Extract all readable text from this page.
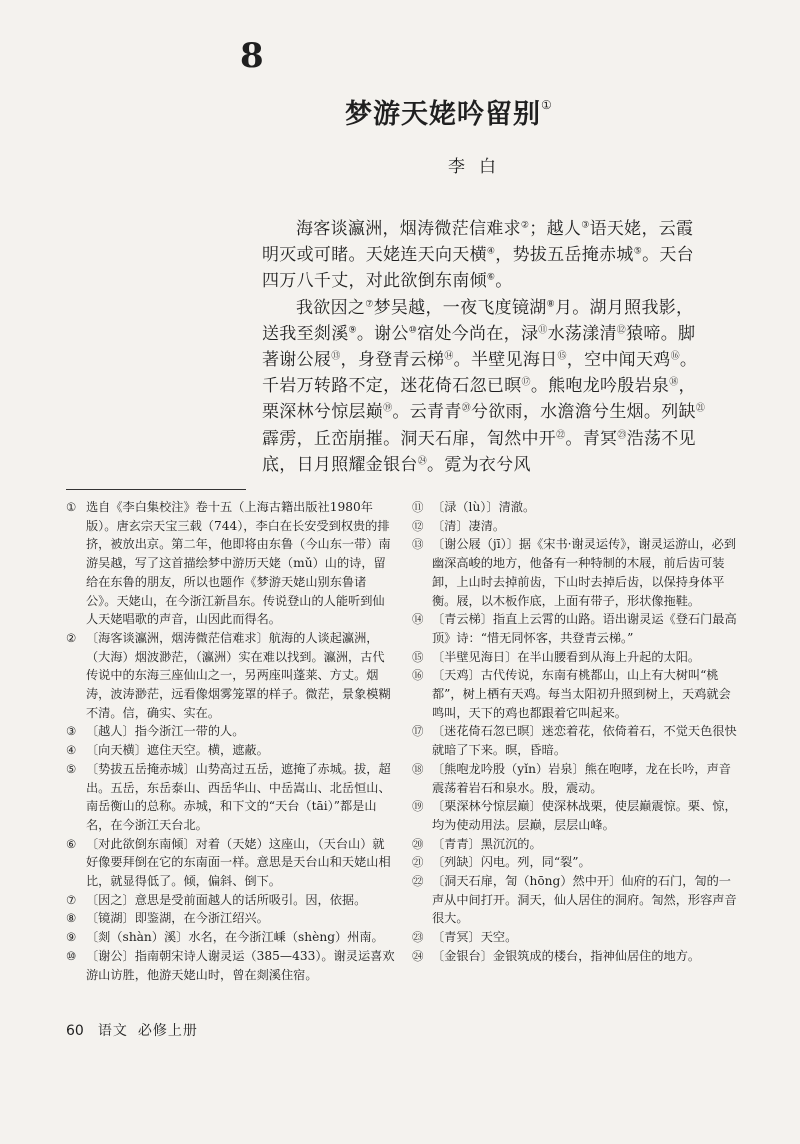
8
梦游天姥吟留别①
李白

海客谈瀛洲，烟涛微茫信难求②；越人③语天姥，云霞明灭或可睹。天姥连天向天横④，势拔五岳掩赤城⑤。天台四万八千丈，对此欲倒东南倾⑥。

我欲因之⑦梦吴越，一夜飞度镜湖⑧月。湖月照我影，送我至剡溪⑨。谢公⑩宿处今尚在，渌⑪水荡漾清⑫猿啼。脚著谢公屐⑬，身登青云梯⑭。半壁见海日⑮，空中闻天鸡⑯。千岩万转路不定，迷花倚石忽已暝⑰。熊咆龙吟殷岩泉⑱，栗深林兮惊层巅⑲。云青青⑳兮欲雨，水澹澹兮生烟。列缺$^㉑$霹雳，丘峦崩摧。洞天石扉，訇然中开$^㉒$。青冥$^㉓$浩荡不见底，日月照耀金银台$^㉔$。霓为衣兮风

① 选自《李白集校注》卷十五（上海古籍出版社1980年版）。唐玄宗天宝三载（744），李白在长安受到权贵的排挤，被放出京。第二年，他即将由东鲁（今山东一带）南游吴越，写了这首描绘梦中游历天姥（mǔ）山的诗，留给在东鲁的朋友，所以也题作《梦游天姥山别东鲁诸公》。天姥山，在今浙江新昌东。传说登山的人能听到仙人天姥唱歌的声音，山因此而得名。
② 〔海客谈瀛洲，烟涛微茫信难求〕航海的人谈起瀛洲，（大海）烟波渺茫，（瀛洲）实在难以找到。瀛洲，古代传说中的东海三座仙山之一，另两座叫蓬莱、方丈。烟涛，波涛渺茫，远看像烟雾笼罩的样子。微茫，景象模糊不清。信，确实、实在。
③ 〔越人〕指今浙江一带的人。
④ 〔向天横〕遮住天空。横，遮蔽。
⑤ 〔势拔五岳掩赤城〕山势高过五岳，遮掩了赤城。拔，超出。五岳，东岳泰山、西岳华山、中岳嵩山、北岳恒山、南岳衡山的总称。赤城，和下文的“天台（tāi）”都是山名，在今浙江天台北。
⑥ 〔对此欲倒东南倾〕对着（天姥）这座山，（天台山）就好像要拜倒在它的东南面一样。意思是天台山和天姥山相比，就显得低了。倾，偏斜、倒下。
⑦ 〔因之〕意思是受前面越人的话所吸引。因，依据。
⑧ 〔镜湖〕即鉴湖，在今浙江绍兴。
⑨ 〔剡（shàn）溪〕水名，在今浙江嵊（shèng）州南。
⑩ 〔谢公〕指南朝宋诗人谢灵运（385—433）。谢灵运喜欢游山访胜，他游天姥山时，曾在剡溪住宿。
⑪ 〔渌（lù）〕清澈。
⑫ 〔清〕凄清。
⑬ 〔谢公屐（jī）〕据《宋书·谢灵运传》，谢灵运游山，必到幽深高峻的地方，他备有一种特制的木屐，前后齿可装卸，上山时去掉前齿，下山时去掉后齿，以保持身体平衡。屐，以木板作底，上面有带子，形状像拖鞋。
⑭ 〔青云梯〕指直上云霄的山路。语出谢灵运《登石门最高顶》诗：“惜无同怀客，共登青云梯。”
⑮ 〔半壁见海日〕在半山腰看到从海上升起的太阳。
⑯ 〔天鸡〕古代传说，东南有桃都山，山上有大树叫“桃都”，树上栖有天鸡。每当太阳初升照到树上，天鸡就会鸣叫，天下的鸡也都跟着它叫起来。
⑰ 〔迷花倚石忽已暝〕迷恋着花，依倚着石，不觉天色很快就暗了下来。暝，昏暗。
⑱ 〔熊咆龙吟殷（yǐn）岩泉〕熊在咆哮，龙在长吟，声音震荡着岩石和泉水。殷，震动。
⑲ 〔栗深林兮惊层巅〕使深林战栗，使层巅震惊。栗、惊，均为使动用法。层巅，层层山峰。
⑳ 〔青青〕黑沉沉的。
㉑ 〔列缺〕闪电。列，同“裂”。
㉒ 〔洞天石扉，訇（hōng）然中开〕仙府的石门，訇的一声从中间打开。洞天，仙人居住的洞府。訇然，形容声音很大。
㉓ 〔青冥〕天空。
㉔ 〔金银台〕金银筑成的楼台，指神仙居住的地方。
60 语文 必修上册
